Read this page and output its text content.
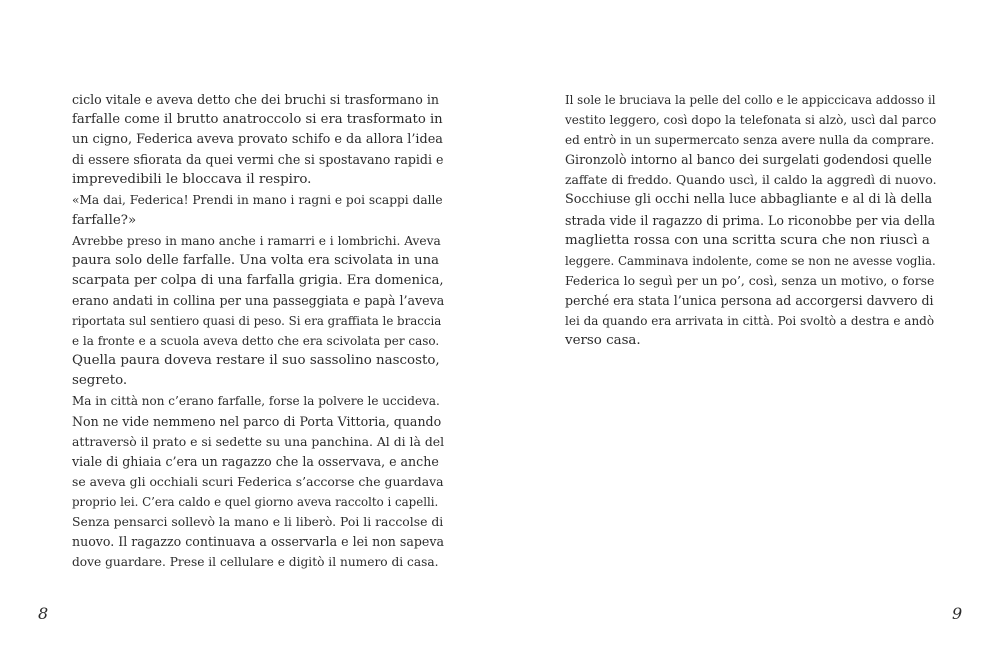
ciclo vitale e aveva detto che dei bruchi si trasformano in
farfalle come il brutto anatroccolo si era trasformato in
un cigno, Federica aveva provato schifo e da allora l’idea
di essere sfiorata da quei vermi che si spostavano rapidi e
imprevedibili le bloccava il respiro.
«Ma dai, Federica! Prendi in mano i ragni e poi scappi dalle
farfalle?»
Avrebbe preso in mano anche i ramarri e i lombrichi. Aveva
paura solo delle farfalle. Una volta era scivolata in una
scarpata per colpa di una farfalla grigia. Era domenica,
erano andati in collina per una passeggiata e papà l’aveva
riportata sul sentiero quasi di peso. Si era graffiata le braccia
e la fronte e a scuola aveva detto che era scivolata per caso.
Quella paura doveva restare il suo sassolino nascosto,
segreto.
Ma in città non c’erano farfalle, forse la polvere le uccideva.
Non ne vide nemmeno nel parco di Porta Vittoria, quando
attraversò il prato e si sedette su una panchina. Al di là del
viale di ghiaia c’era un ragazzo che la osservava, e anche
se aveva gli occhiali scuri Federica s’accorse che guardava
proprio lei. C’era caldo e quel giorno aveva raccolto i capelli.
Senza pensarci sollevò la mano e li liberò. Poi li raccolse di
nuovo. Il ragazzo continuava a osservarla e lei non sapeva
dove guardare. Prese il cellulare e digitò il numero di casa.
Il sole le bruciava la pelle del collo e le appiccicava addosso il
vestito leggero, così dopo la telefonata si alzò, uscì dal parco
ed entrò in un supermercato senza avere nulla da comprare.
Gironzolò intorno al banco dei surgelati godendosi quelle
zaffate di freddo. Quando uscì, il caldo la aggredì di nuovo.
Socchiuse gli occhi nella luce abbagliante e al di là della
strada vide il ragazzo di prima. Lo riconobbe per via della
maglietta rossa con una scritta scura che non riuscì a
leggere. Camminava indolente, come se non ne avesse voglia.
Federica lo seguì per un po’, così, senza un motivo, o forse
perché era stata l’unica persona ad accorgersi davvero di
lei da quando era arrivata in città. Poi svoltò a destra e andò
verso casa.
8	9
